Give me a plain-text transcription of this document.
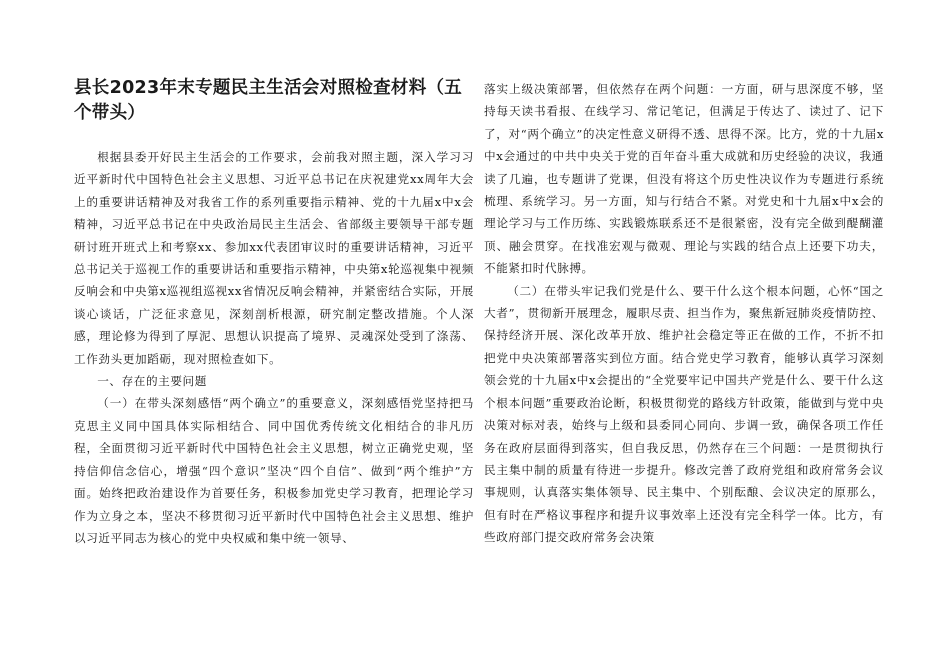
县长2023年末专题民主生活会对照检查材料（五个带头）

根据县委开好民主生活会的工作要求，会前我对照主题，深入学习习近平新时代中国特色社会主义思想、习近平总书记在庆祝建党xx周年大会上的重要讲话精神及对我省工作的系列重要指示精神、党的十九届x中x会精神，习近平总书记在中央政治局民主生活会、省部级主要领导干部专题研讨班开班式上和考察xx、参加xx代表团审议时的重要讲话精神，习近平总书记关于巡视工作的重要讲话和重要指示精神，中央第x轮巡视集中视频反响会和中央第x巡视组巡视xx省情况反响会精神，并紧密结合实际，开展谈心谈话，广泛征求意见，深刻剖析根源，研究制定整改措施。个人深感，理论修为得到了厚泥、思想认识提高了境界、灵魂深处受到了涤荡、工作劲头更加蹈砺，现对照检查如下。

一、存在的主要问题

（一）在带头深刻感悟“两个确立”的重要意义，深刻感悟党坚持把马克思主义同中国具体实际相结合、同中国优秀传统文化相结合的非凡历程，全面贯彻习近平新时代中国特色社会主义思想，树立正确党史观，坚持信仰信念信心，增强“四个意识”坚决“四个自信”、做到“两个维护”方面。始终把政治建设作为首要任务，积极参加党史学习教育，把理论学习作为立身之本，坚决不移贯彻习近平新时代中国特色社会主义思想、维护以习近平同志为核心的党中央权威和集中统一领导、

落实上级决策部署，但依然存在两个问题：一方面，研与思深度不够，坚持每天读书看报、在线学习、常记笔记，但满足于传达了、读过了、记下了，对“两个确立”的决定性意义研得不透、思得不深。比方，党的十九届x中x会通过的中共中央关于党的百年奋斗重大成就和历史经验的决议，我通读了几遍，也专题讲了党课，但没有将这个历史性决议作为专题进行系统梳理、系统学习。另一方面，知与行结合不紧。对党史和十九届x中x会的理论学习与工作历练、实践锻炼联系还不是很紧密，没有完全做到醍醐灌顶、融会贯穿。在找准宏观与微观、理论与实践的结合点上还要下功夫，不能紧扣时代脉搏。

（二）在带头牢记我们党是什么、要干什么这个根本问题，心怀“国之大者”，贯彻新开展理念，履职尽责、担当作为，聚焦新冠肺炎疫情防控、保持经济开展、深化改革开放、维护社会稳定等正在做的工作，不折不扣把党中央决策部署落实到位方面。结合党史学习教育，能够认真学习深刻领会党的十九届x中x会提出的“全党要牢记中国共产党是什么、要干什么这个根本问题”重要政治论断，积极贯彻党的路线方针政策，能做到与党中央决策对标对表，始终与上级和县委同心同向、步调一致，确保各项工作任务在政府层面得到落实，但自我反思，仍然存在三个问题：一是贯彻执行民主集中制的质量有待进一步提升。修改完善了政府党组和政府常务会议事规则，认真落实集体领导、民主集中、个别酝酿、会议决定的原那么，但有时在严格议事程序和提升议事效率上还没有完全科学一体。比方，有些政府部门提交政府常务会决策
